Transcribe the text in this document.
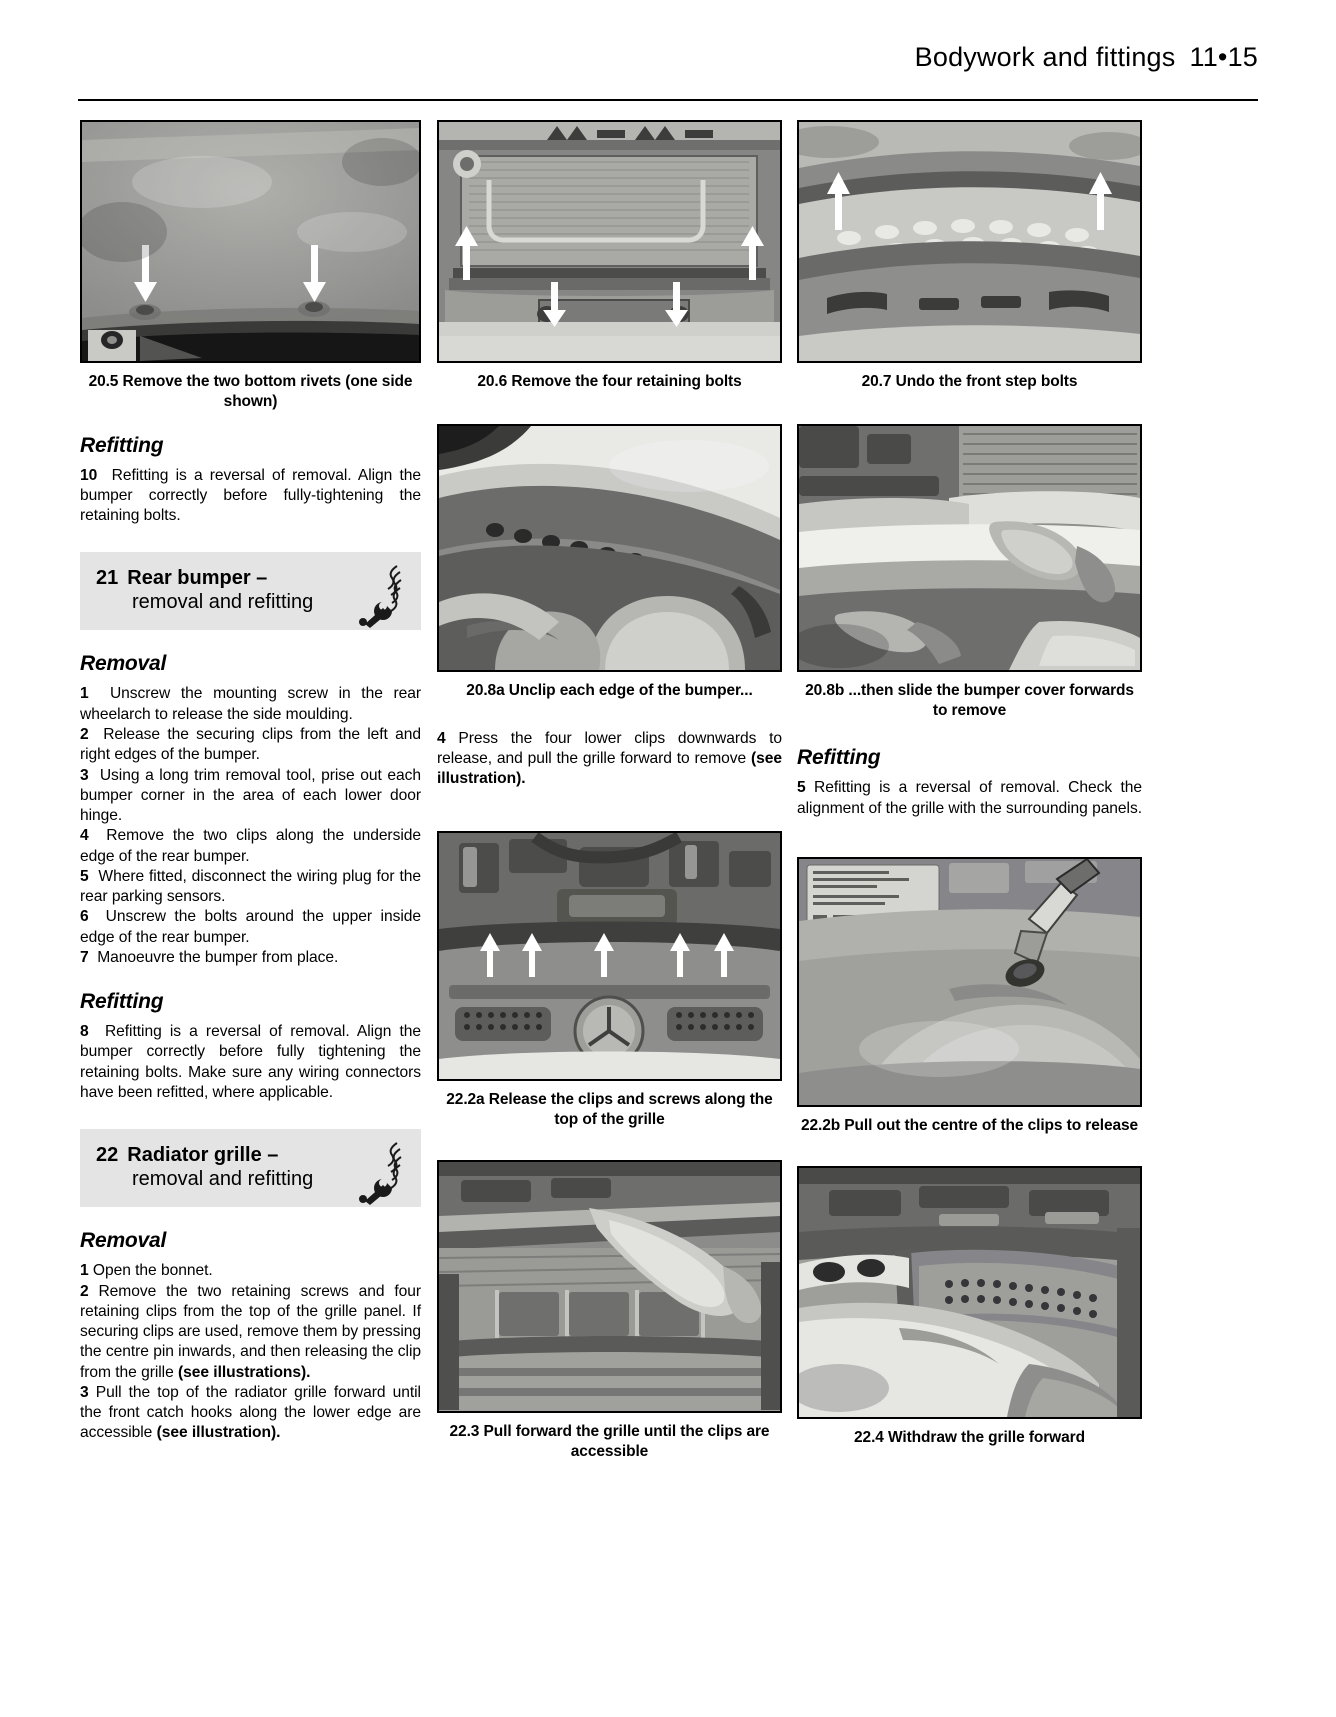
Bodywork and fittings 11•15
20.5 Remove the two bottom rivets (one side shown)
Refitting

10 Refitting is a reversal of removal. Align the bumper correctly before fully-tightening the retaining bolts.

21 Rear bumper –
removal and refitting
Removal

1 Unscrew the mounting screw in the rear wheelarch to release the side moulding.

2 Release the securing clips from the left and right edges of the bumper.

3 Using a long trim removal tool, prise out each bumper corner in the area of each lower door hinge.

4 Remove the two clips along the underside edge of the rear bumper.

5 Where fitted, disconnect the wiring plug for the rear parking sensors.

6 Unscrew the bolts around the upper inside edge of the rear bumper.

7 Manoeuvre the bumper from place.

Refitting

8 Refitting is a reversal of removal. Align the bumper correctly before fully tightening the retaining bolts. Make sure any wiring connectors have been refitted, where applicable.

22 Radiator grille –
removal and refitting
Removal

1 Open the bonnet.

2 Remove the two retaining screws and four retaining clips from the top of the grille panel. If securing clips are used, remove them by pressing the centre pin inwards, and then releasing the clip from the grille (see illustrations).

3 Pull the top of the radiator grille forward until the front catch hooks along the lower edge are accessible (see illustration).

20.6 Remove the four retaining bolts
20.8a Unclip each edge of the bumper...

4 Press the four lower clips downwards to release, and pull the grille forward to remove (see illustration).

22.2a Release the clips and screws along the top of the grille
22.3 Pull forward the grille until the clips are accessible
20.7 Undo the front step bolts
20.8b ...then slide the bumper cover forwards to remove
Refitting

5 Refitting is a reversal of removal. Check the alignment of the grille with the surrounding panels.

22.2b Pull out the centre of the clips to release
22.4 Withdraw the grille forward
